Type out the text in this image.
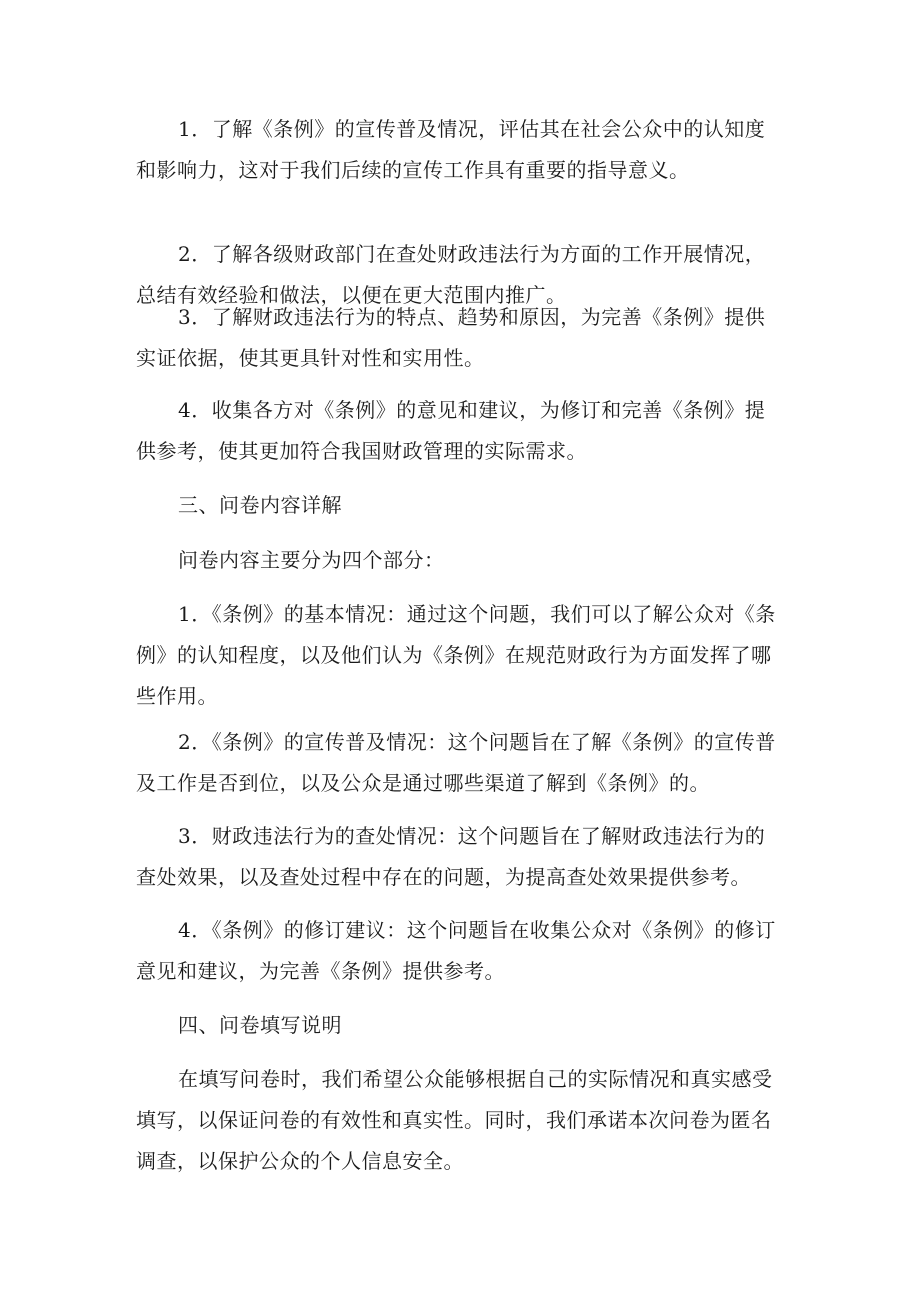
1．了解《条例》的宣传普及情况，评估其在社会公众中的认知度和影响力，这对于我们后续的宣传工作具有重要的指导意义。

2．了解各级财政部门在查处财政违法行为方面的工作开展情况，总结有效经验和做法，以便在更大范围内推广。

3．了解财政违法行为的特点、趋势和原因，为完善《条例》提供实证依据，使其更具针对性和实用性。

4．收集各方对《条例》的意见和建议，为修订和完善《条例》提供参考，使其更加符合我国财政管理的实际需求。

三、问卷内容详解

问卷内容主要分为四个部分：

1．《条例》的基本情况：通过这个问题，我们可以了解公众对《条例》的认知程度，以及他们认为《条例》在规范财政行为方面发挥了哪些作用。

2．《条例》的宣传普及情况：这个问题旨在了解《条例》的宣传普及工作是否到位，以及公众是通过哪些渠道了解到《条例》的。

3．财政违法行为的查处情况：这个问题旨在了解财政违法行为的查处效果，以及查处过程中存在的问题，为提高查处效果提供参考。

4．《条例》的修订建议：这个问题旨在收集公众对《条例》的修订意见和建议，为完善《条例》提供参考。

四、问卷填写说明

在填写问卷时，我们希望公众能够根据自己的实际情况和真实感受填写，以保证问卷的有效性和真实性。同时，我们承诺本次问卷为匿名调查，以保护公众的个人信息安全。
